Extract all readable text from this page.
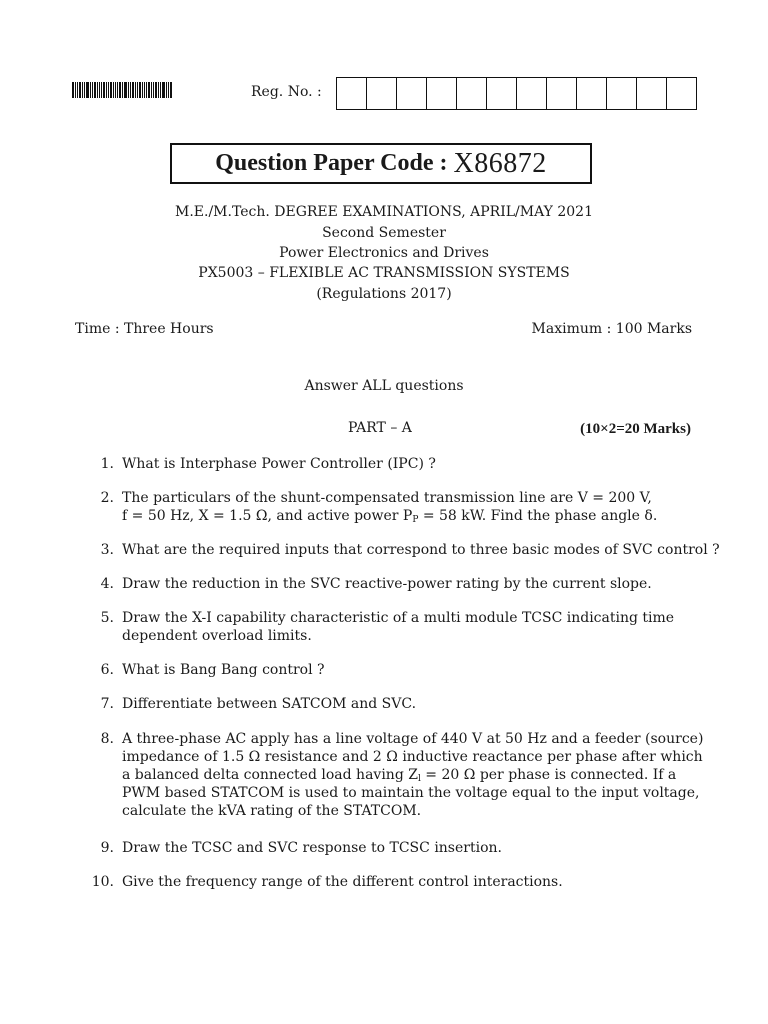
Reg. No. :
Question Paper Code : X86872
M.E./M.Tech. DEGREE EXAMINATIONS, APRIL/MAY 2021
Second Semester
Power Electronics and Drives
PX5003 – FLEXIBLE AC TRANSMISSION SYSTEMS
(Regulations 2017)
Time : Three Hours	Maximum : 100 Marks
Answer ALL questions
PART – A	(10×2=20 Marks)
1. What is Interphase Power Controller (IPC) ?
2. The particulars of the shunt-compensated transmission line are V = 200 V,
f = 50 Hz, X = 1.5 Ω, and active power $P_P = 58$ kW. Find the phase angle δ.
3. What are the required inputs that correspond to three basic modes of SVC control ?
4. Draw the reduction in the SVC reactive-power rating by the current slope.
5. Draw the X-I capability characteristic of a multi module TCSC indicating time
dependent overload limits.
6. What is Bang Bang control ?
7. Differentiate between SATCOM and SVC.
8. A three-phase AC apply has a line voltage of 440 V at 50 Hz and a feeder (source)
impedance of 1.5 Ω resistance and 2 Ω inductive reactance per phase after which
a balanced delta connected load having $Z_l = 20$ Ω per phase is connected. If a
PWM based STATCOM is used to maintain the voltage equal to the input voltage,
calculate the kVA rating of the STATCOM.
9. Draw the TCSC and SVC response to TCSC insertion.
10. Give the frequency range of the different control interactions.
